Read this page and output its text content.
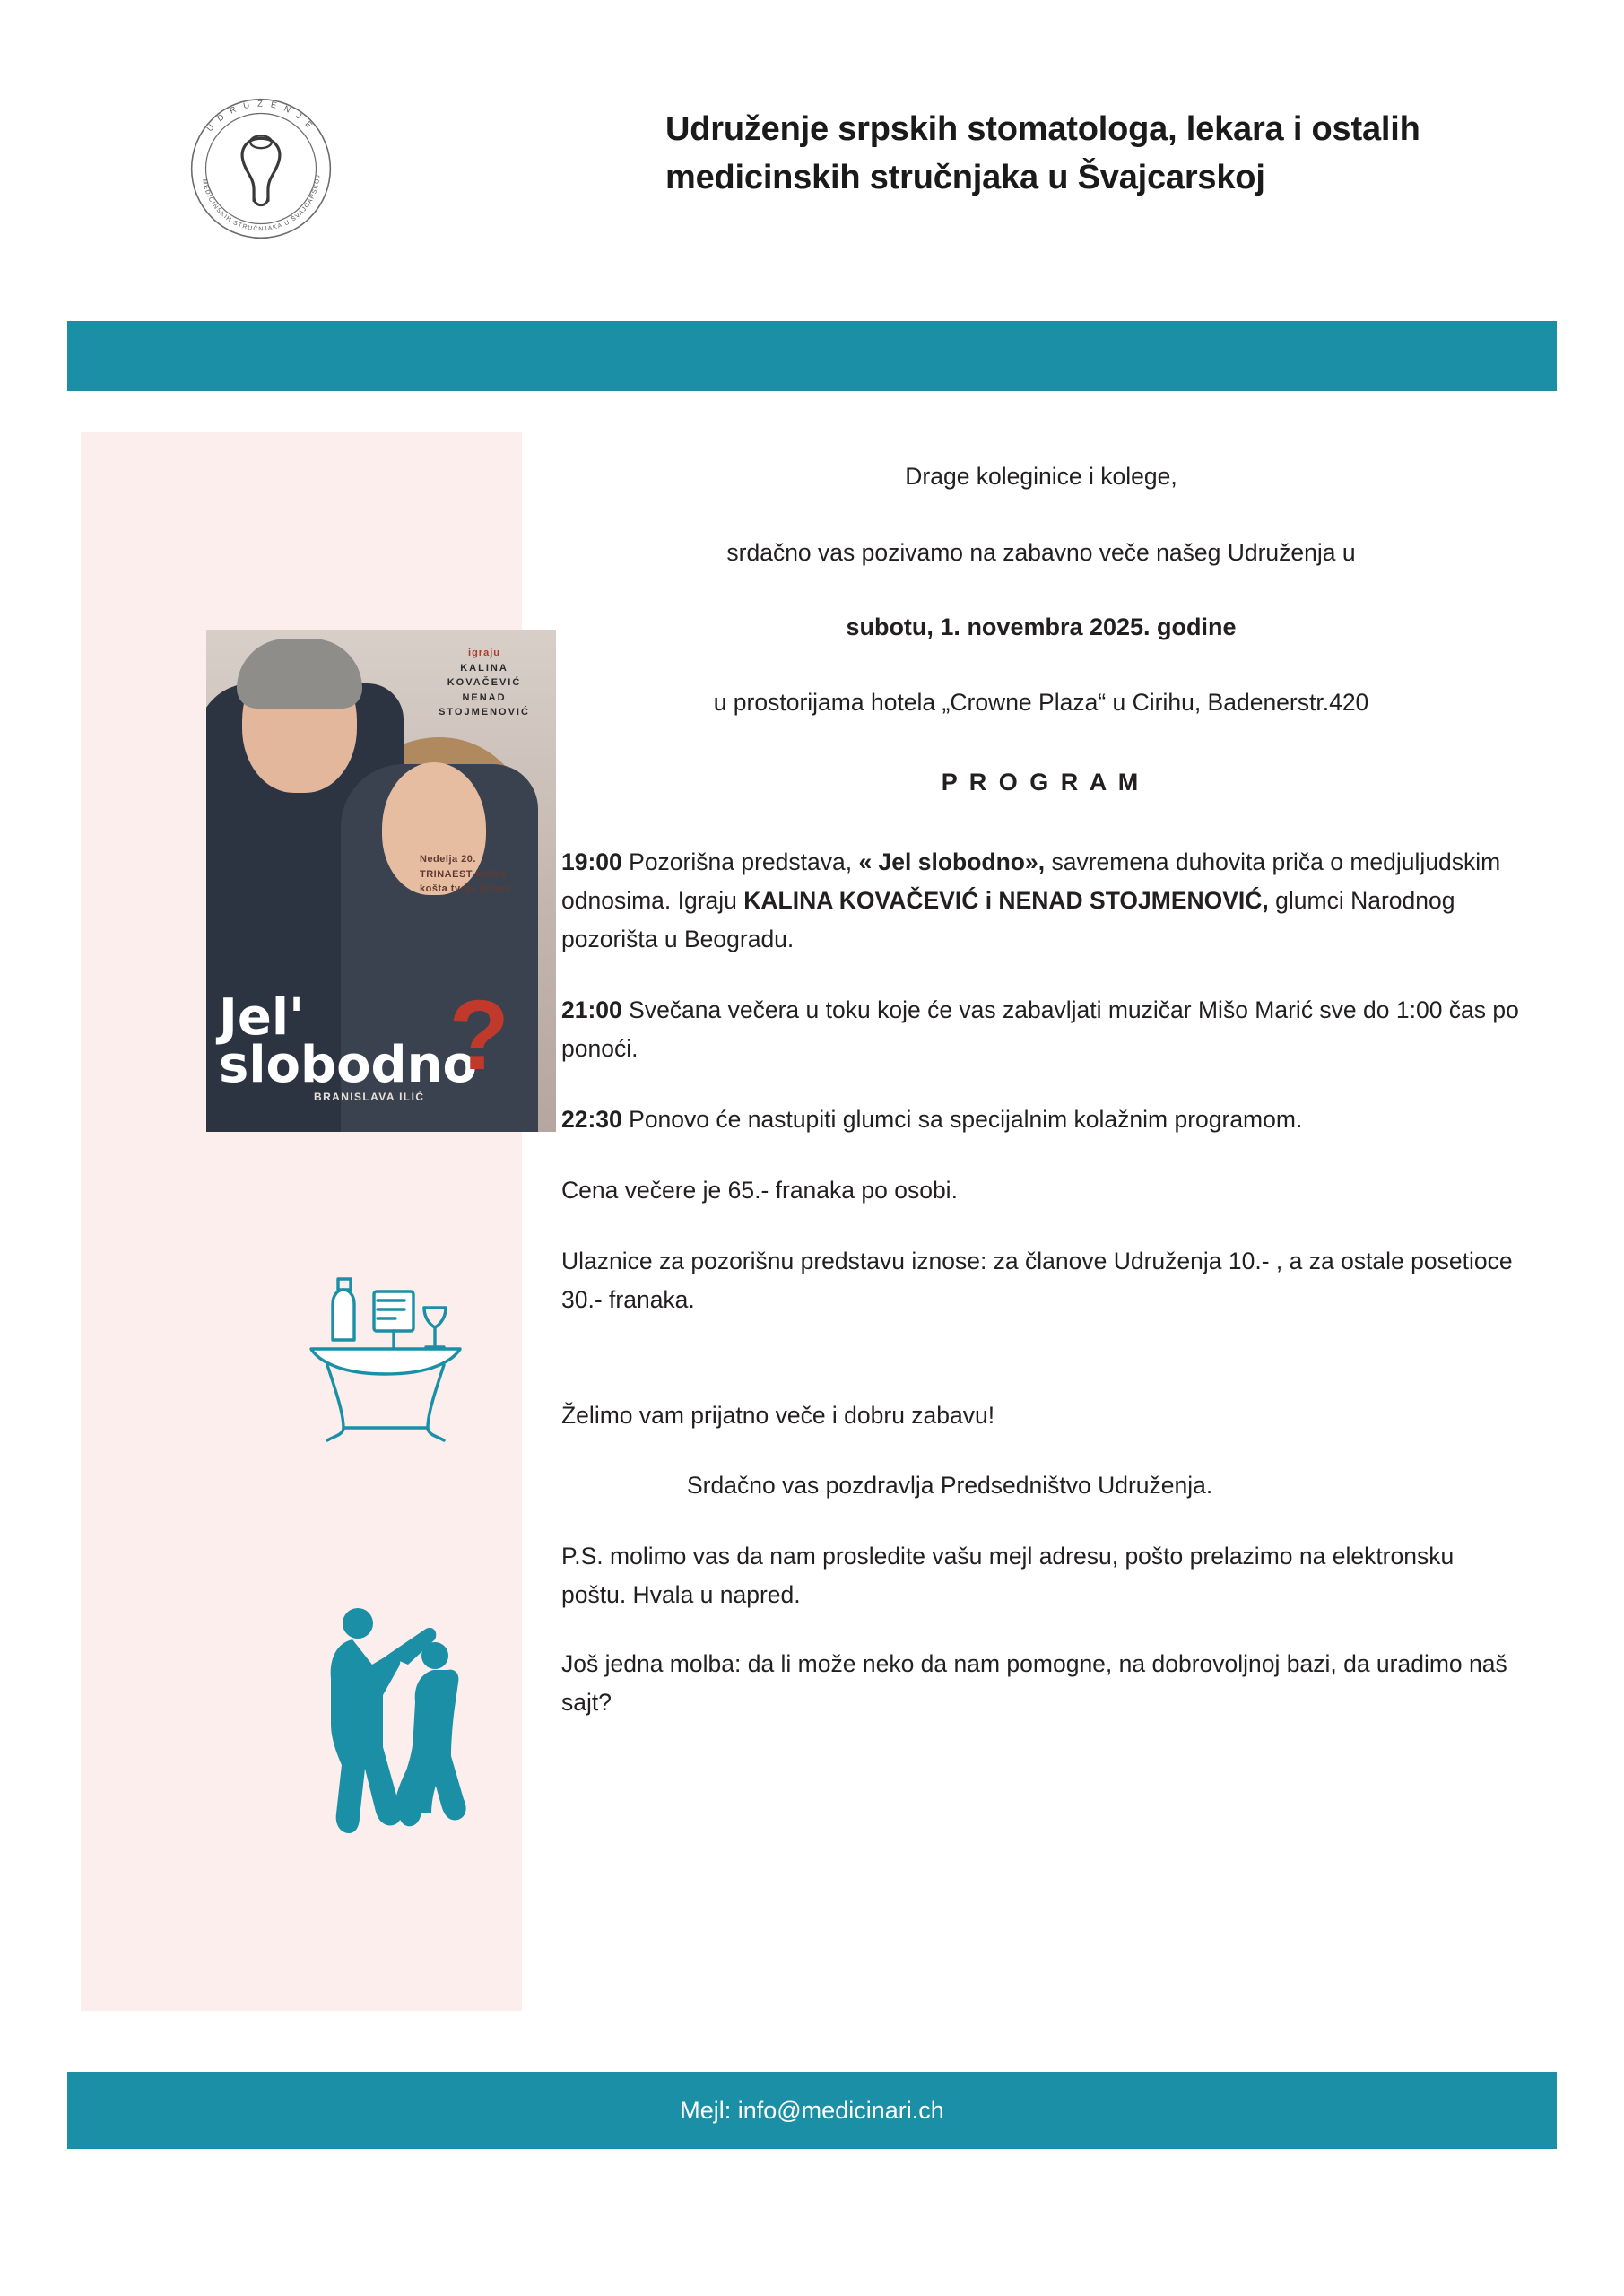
U D R U Ž E N J E
MEDICINSKIH STRUČNJAKA U ŠVAJCARSKOJ
Udruženje srpskih stomatologa, lekara i ostalih medicinskih stručnjaka u Švajcarskoj
igraju
KALINA KOVAČEVIĆ
NENAD STOJMENOVIĆ
Nedelja 20. TRINAEST koliko košta tvoja ljubav
Jel'
slobodno
?
BRANISLAVA ILIĆ
Drage koleginice i kolege,
srdačno vas pozivamo na zabavno veče našeg Udruženja u
subotu, 1. novembra 2025. godine
u prostorijama hotela „Crowne Plaza“ u Cirihu, Badenerstr.420
P R O G R A M
19:00 Pozorišna predstava, « Jel slobodno», savremena duhovita priča o medjuljudskim odnosima. Igraju KALINA KOVAČEVIĆ i NENAD STOJMENOVIĆ, glumci Narodnog pozorišta u Beogradu.
21:00 Svečana večera u toku koje će vas zabavljati muzičar Mišo Marić sve do 1:00 čas po ponoći.
22:30 Ponovo će nastupiti glumci sa specijalnim kolažnim programom.
Cena večere je 65.- franaka po osobi.
Ulaznice za pozorišnu predstavu iznose: za članove Udruženja 10.- , a za ostale posetioce 30.- franaka.
Želimo vam prijatno veče i dobru zabavu!
Srdačno vas pozdravlja Predsedništvo Udruženja.
P.S. molimo vas da nam prosledite vašu mejl adresu, pošto prelazimo na elektronsku poštu. Hvala u napred.
Još jedna molba: da li može neko da nam pomogne, na dobrovoljnoj bazi, da uradimo naš sajt?
Mejl: info@medicinari.ch
